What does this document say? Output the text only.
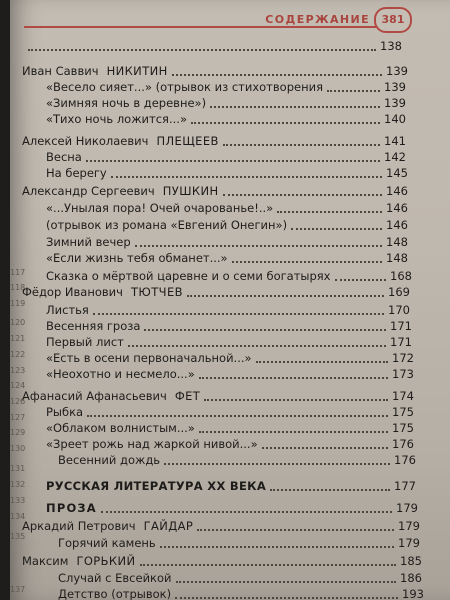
СОДЕРЖАНИЕ	381
117
118
119
120
121
122
123
124
126
127
129
130
131
132
133
134
135
137
138
Иван Саввич НИКИТИН	139
«Весело сияет...» (отрывок из стихотворения	139
«Зимняя ночь в деревне»)	139
«Тихо ночь ложится...»	140
Алексей Николаевич ПЛЕЩЕЕВ	141
Весна	142
На берегу	145
Александр Сергеевич ПУШКИН	146
«...Унылая пора! Очей очарованье!..»	146
(отрывок из романа «Евгений Онегин»)	146
Зимний вечер	148
«Если жизнь тебя обманет...»	148
Сказка о мёртвой царевне и о семи богатырях	168
Фёдор Иванович ТЮТЧЕВ	169
Листья	170
Весенняя гроза	171
Первый лист	171
«Есть в осени первоначальной...»	172
«Неохотно и несмело...»	173
Афанасий Афанасьевич ФЕТ	174
Рыбка	175
«Облаком волнистым...»	175
«Зреет рожь над жаркой нивой...»	176
Весенний дождь	176
РУССКАЯ ЛИТЕРАТУРА XX ВЕКА	177
ПРОЗА	179
Аркадий Петрович ГАЙДАР	179
Горячий камень	179
Максим ГОРЬКИЙ	185
Случай с Евсейкой	186
Детство (отрывок)	193
